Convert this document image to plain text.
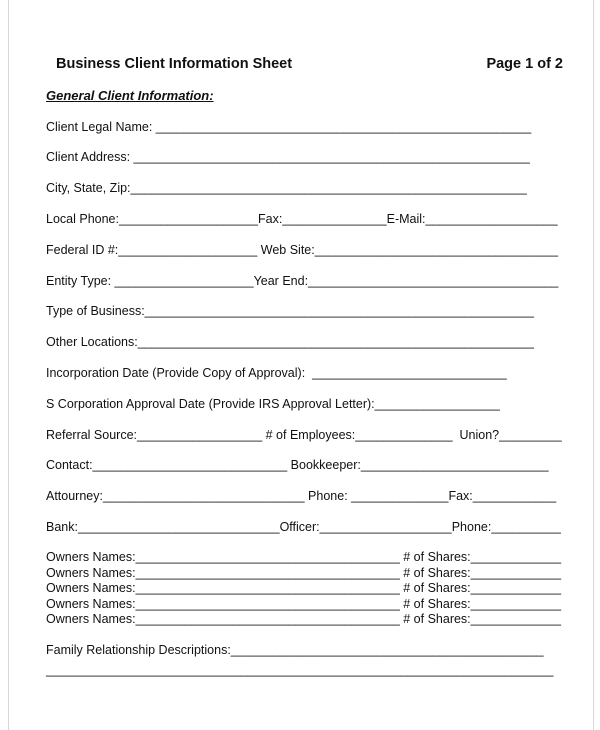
Business Client Information Sheet	Page 1 of 2
General Client Information:
Client Legal Name: ______________________________________________________
Client Address: _________________________________________________________
City, State, Zip:_________________________________________________________
Local Phone:____________________Fax:_______________E-Mail:___________________
Federal ID #:____________________ Web Site:___________________________________
Entity Type: ____________________Year End:____________________________________
Type of Business:________________________________________________________
Other Locations:_________________________________________________________
Incorporation Date (Provide Copy of Approval):  ____________________________
S Corporation Approval Date (Provide IRS Approval Letter):__________________
Referral Source:__________________ # of Employees:______________  Union?_________
Contact:____________________________ Bookkeeper:___________________________
Attourney:_____________________________ Phone: ______________Fax:____________
Bank:_____________________________Officer:___________________Phone:__________
Owners Names:______________________________________ # of Shares:_____________
Owners Names:______________________________________ # of Shares:_____________
Owners Names:______________________________________ # of Shares:_____________
Owners Names:______________________________________ # of Shares:_____________
Owners Names:______________________________________ # of Shares:_____________
Family Relationship Descriptions:_____________________________________________
_________________________________________________________________________
